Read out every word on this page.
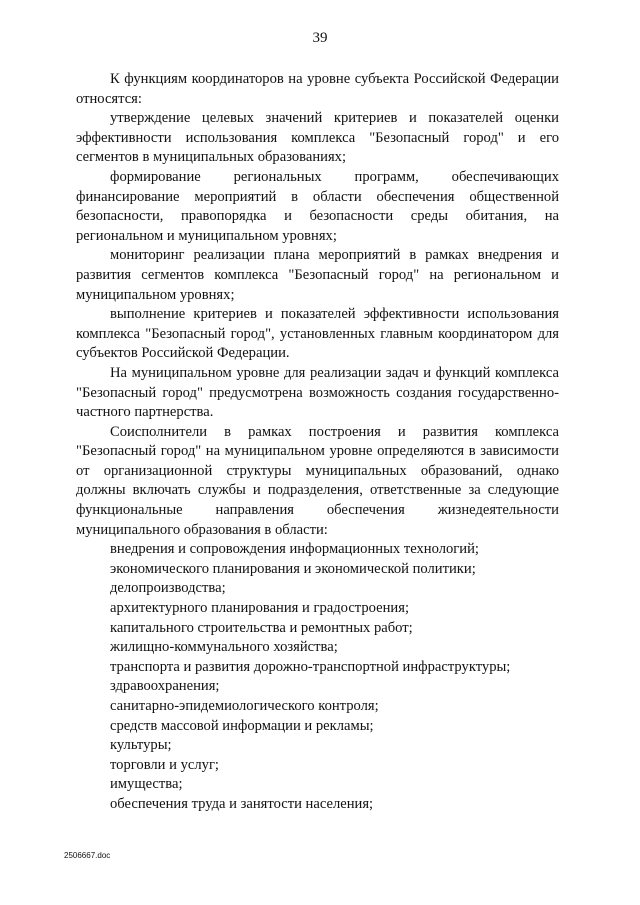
39

К функциям координаторов на уровне субъекта Российской Федерации относятся:

утверждение целевых значений критериев и показателей оценки эффективности использования комплекса "Безопасный город" и его сегментов в муниципальных образованиях;

формирование региональных программ, обеспечивающих финансирование мероприятий в области обеспечения общественной безопасности, правопорядка и безопасности среды обитания, на региональном и муниципальном уровнях;

мониторинг реализации плана мероприятий в рамках внедрения и развития сегментов комплекса "Безопасный город" на региональном и муниципальном уровнях;

выполнение критериев и показателей эффективности использования комплекса "Безопасный город", установленных главным координатором для субъектов Российской Федерации.

На муниципальном уровне для реализации задач и функций комплекса "Безопасный город" предусмотрена возможность создания государственно-частного партнерства.

Соисполнители в рамках построения и развития комплекса "Безопасный город" на муниципальном уровне определяются в зависимости от организационной структуры муниципальных образований, однако должны включать службы и подразделения, ответственные за следующие функциональные направления обеспечения жизнедеятельности муниципального образования в области:

внедрения и сопровождения информационных технологий;

экономического планирования и экономической политики;

делопроизводства;

архитектурного планирования и градостроения;

капитального строительства и ремонтных работ;

жилищно-коммунального хозяйства;

транспорта и развития дорожно-транспортной инфраструктуры;

здравоохранения;

санитарно-эпидемиологического контроля;

средств массовой информации и рекламы;

культуры;

торговли и услуг;

имущества;

обеспечения труда и занятости населения;

2506667.doc
